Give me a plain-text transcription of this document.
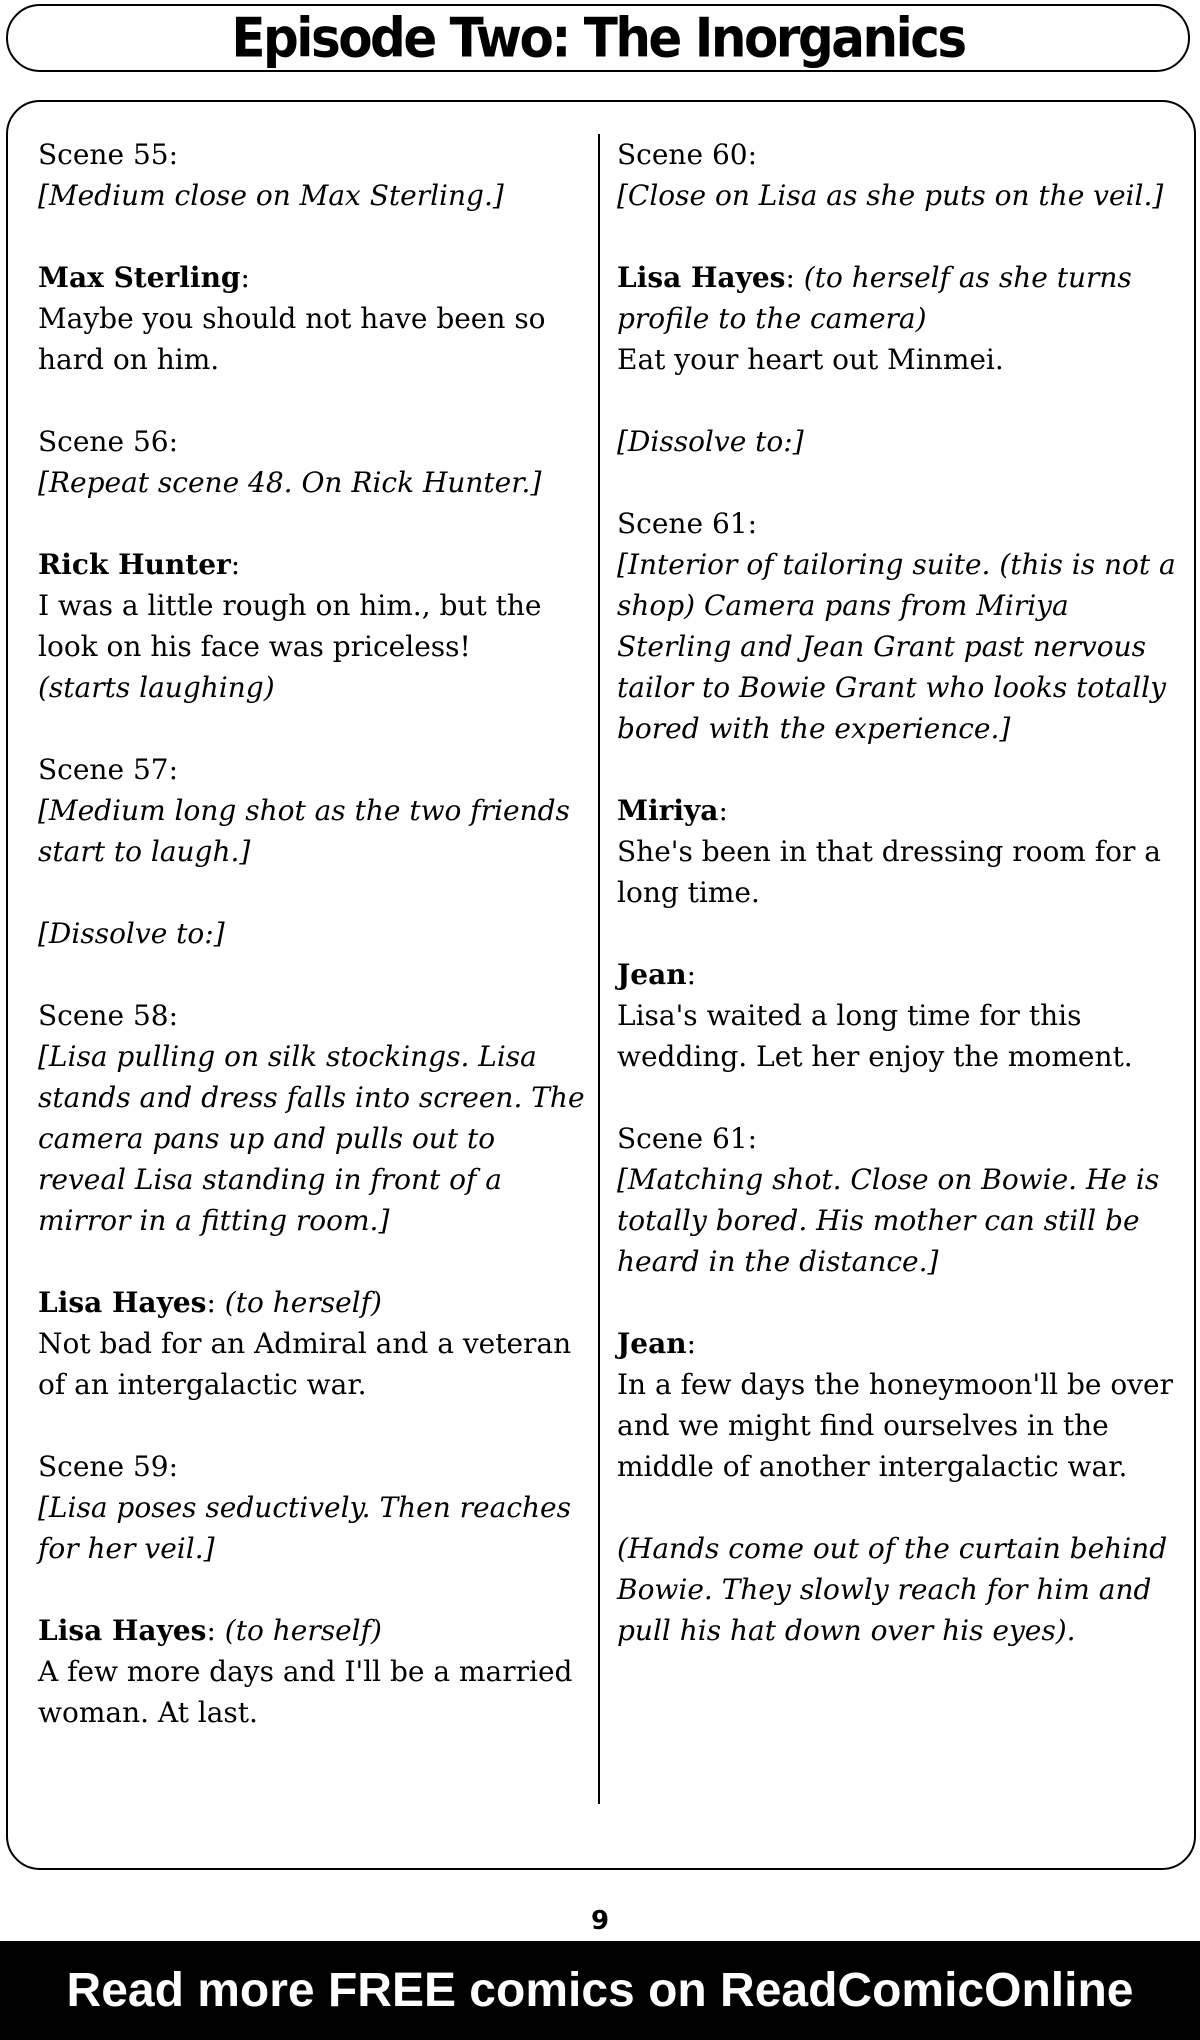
Episode Two: The Inorganics
Scene 55:
[Medium close on Max Sterling.]
Max Sterling:
Maybe you should not have been so hard on him.
Scene 56:
[Repeat scene 48. On Rick Hunter.]
Rick Hunter:
I was a little rough on him., but the look on his face was priceless!
(starts laughing)
Scene 57:
[Medium long shot as the two friends start to laugh.]
[Dissolve to:]
Scene 58:
[Lisa pulling on silk stockings. Lisa stands and dress falls into screen. The camera pans up and pulls out to reveal Lisa standing in front of a mirror in a fitting room.]
Lisa Hayes: (to herself)
Not bad for an Admiral and a veteran of an intergalactic war.
Scene 59:
[Lisa poses seductively. Then reaches for her veil.]
Lisa Hayes: (to herself)
A few more days and I'll be a married woman. At last.
Scene 60:
[Close on Lisa as she puts on the veil.]
Lisa Hayes: (to herself as she turns profile to the camera)
Eat your heart out Minmei.
[Dissolve to:]
Scene 61:
[Interior of tailoring suite. (this is not a shop) Camera pans from Miriya Sterling and Jean Grant past nervous tailor to Bowie Grant who looks totally bored with the experience.]
Miriya:
She's been in that dressing room for a long time.
Jean:
Lisa's waited a long time for this wedding. Let her enjoy the moment.
Scene 61:
[Matching shot. Close on Bowie. He is totally bored. His mother can still be heard in the distance.]
Jean:
In a few days the honeymoon'll be over and we might find ourselves in the middle of another intergalactic war.
(Hands come out of the curtain behind Bowie. They slowly reach for him and pull his hat down over his eyes).
9
Read more FREE comics on ReadComicOnline
